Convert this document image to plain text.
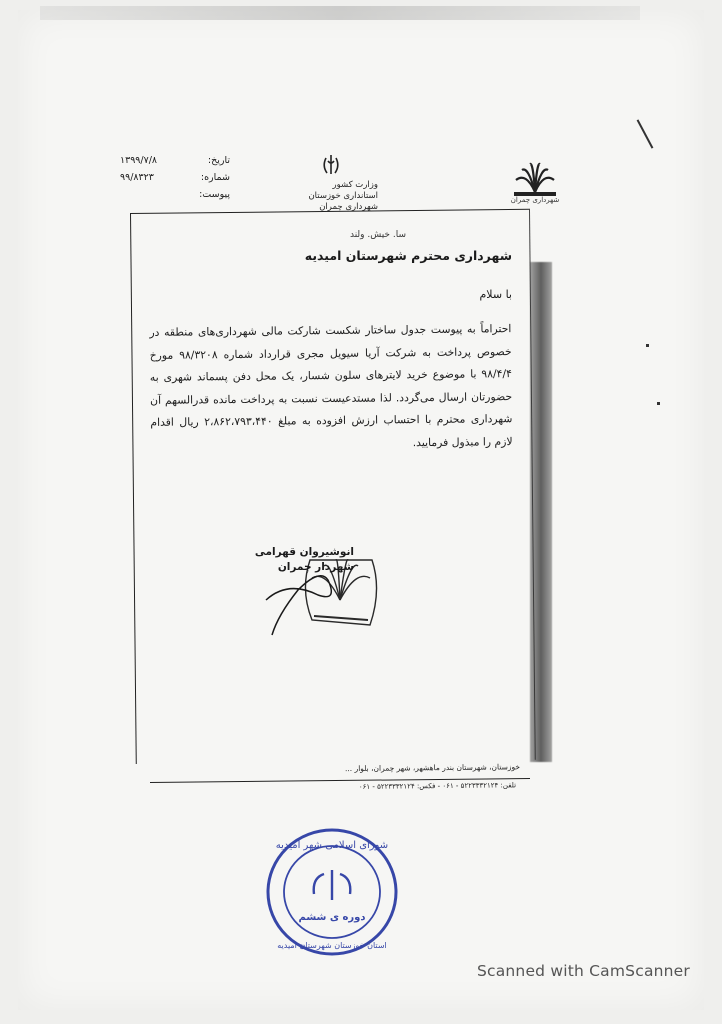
شهرداری چمران
وزارت کشور
استانداری خوزستان
شهرداری چمران
تاریخ:
۱۳۹۹/۷/۸
شماره:
۹۹/۸۳۲۳
پیوست:
سا. خیش. ولند
شهرداری محترم شهرستان امیدیه
با سلام
احتراماً به پیوست جدول ساختار شکست شارکت مالی شهرداری‌های منطقه در خصوص پرداخت به شرکت آریا سیویل مجری قرارداد شماره ۹۸/۳۲۰۸ مورخ ۹۸/۴/۴ با موضوع خرید لایترهای سلون شسار، یک محل دفن پسماند شهری به حضورتان ارسال می‌گردد. لذا مستدعیست نسبت به پرداخت مانده قدرالسهم آن شهرداری محترم با احتساب ارزش افزوده به مبلغ ۲،۸۶۲،۷۹۳،۴۴۰ ریال اقدام لازم را مبذول فرمایید.
انوشیروان قهرامی
شهردار چمران
خوزستان، شهرستان بندر ماهشهر، شهر چمران، بلوار ...
تلفن: ۵۲۲۳۳۳۲۱۲۴ - ۰۶۱ - فکس: ۵۲۲۳۳۳۲۱۲۴ - ۰۶۱
شورای اسلامی شهر امیدیه
دوره ی ششم
استان خوزستان شهرستان امیدیه
Scanned with CamScanner
